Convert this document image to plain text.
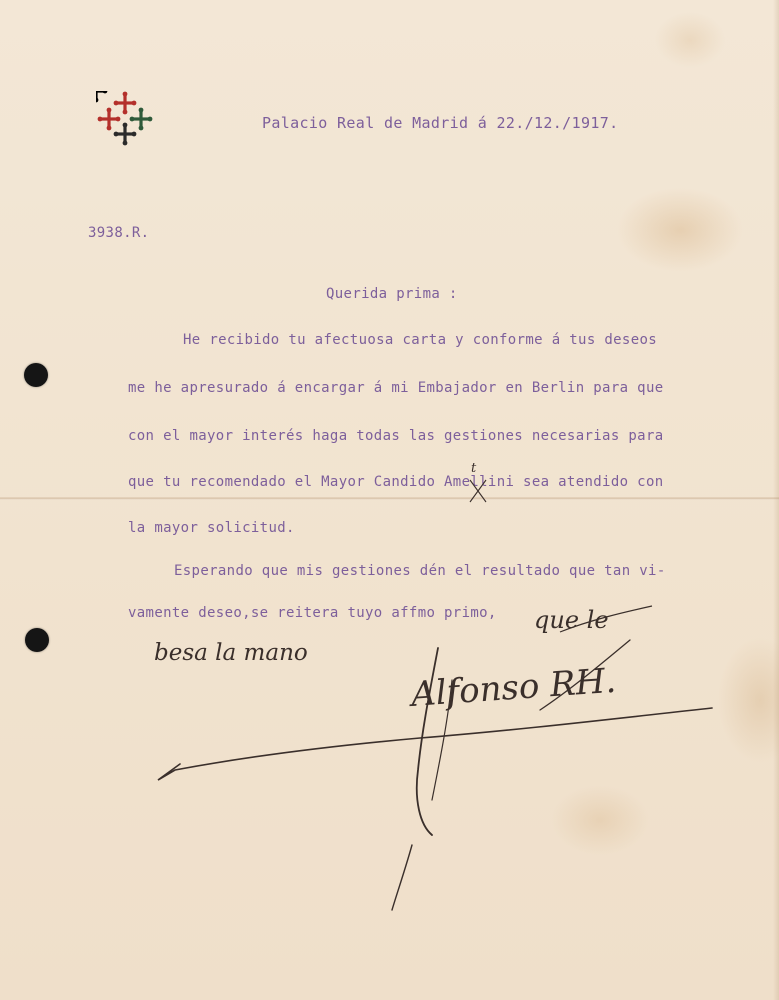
Palacio Real de Madrid á 22./12./1917.
3938.R.
Querida prima :
He recibido tu afectuosa carta y conforme á tus deseos
me he apresurado á encargar á mi Embajador en Berlin para que
con el mayor interés haga todas las gestiones necesarias para
que tu recomendado el Mayor Candido Amellini sea atendido con
la mayor solicitud.
Esperando que mis gestiones dén el resultado que tan vi-
vamente deseo,se reitera tuyo affmo primo,
t
que le
besa la mano
Alfonso RH.
